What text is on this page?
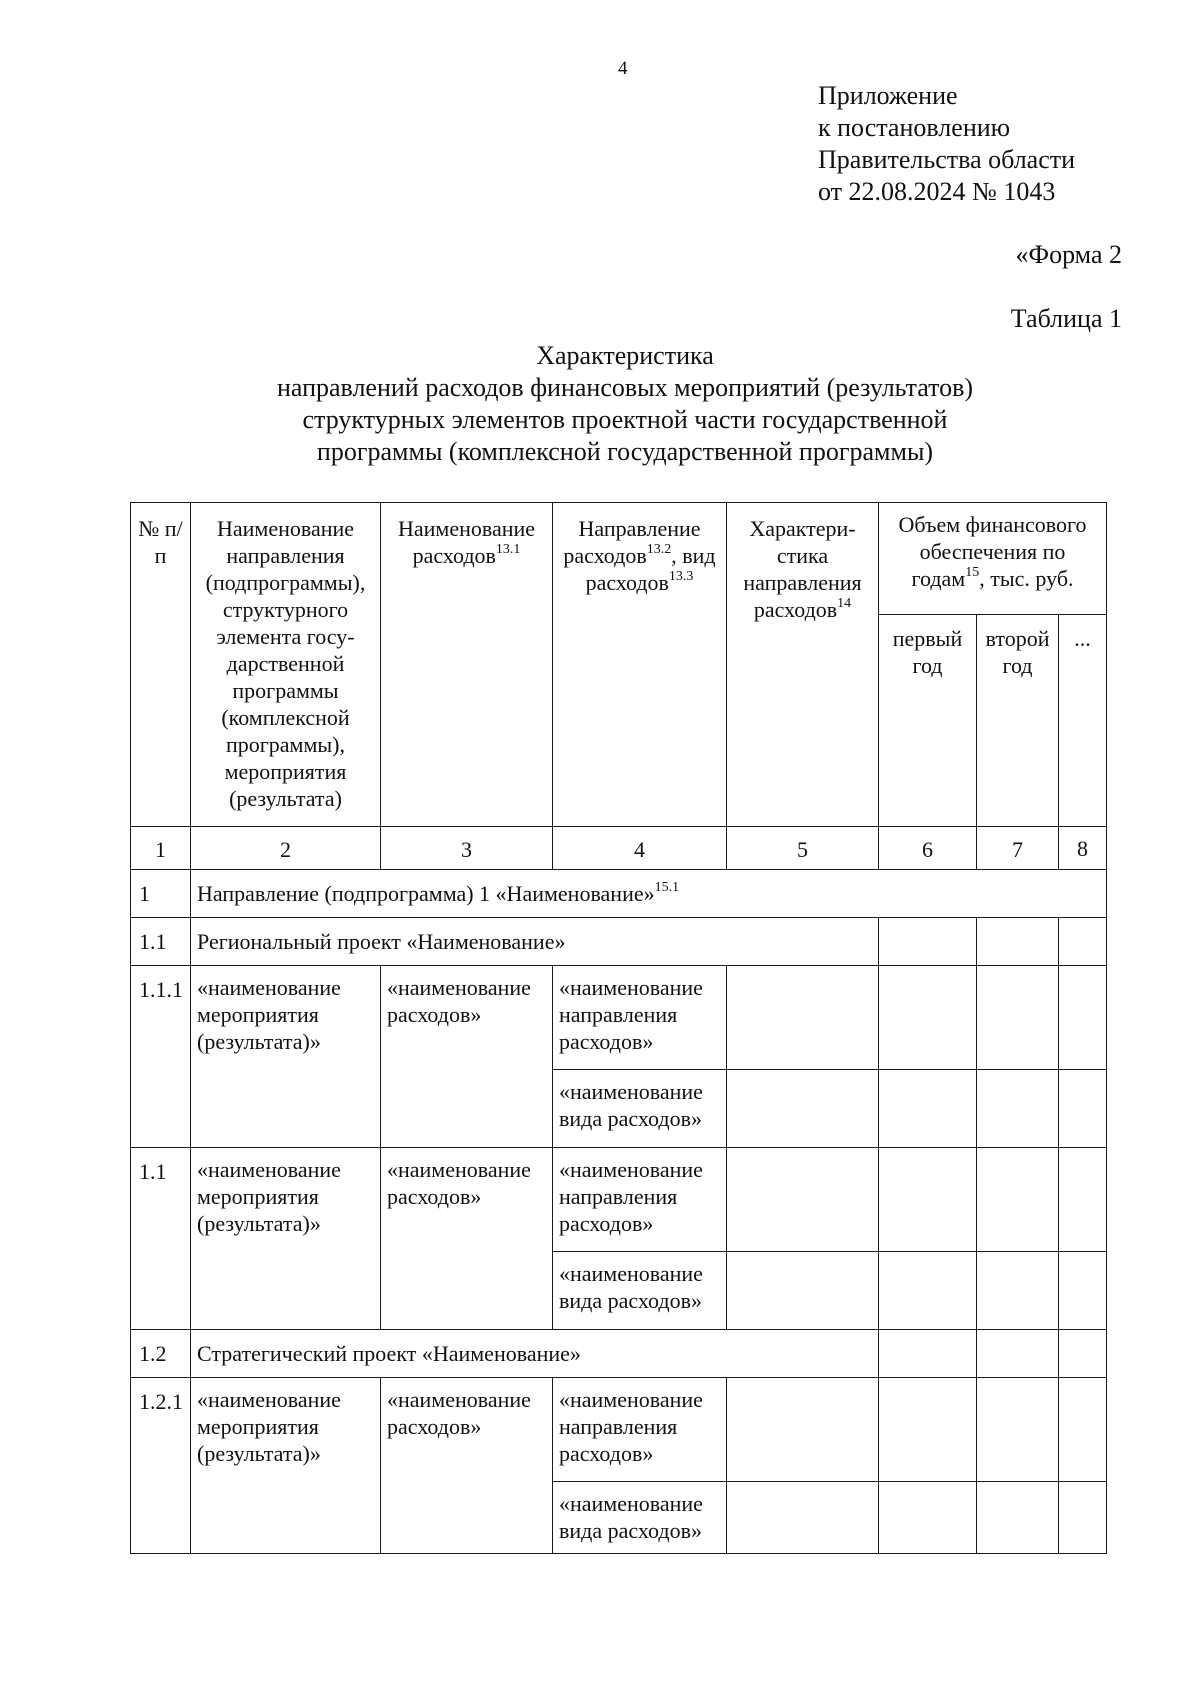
4
Приложение
к постановлению
Правительства области
от 22.08.2024 № 1043
«Форма 2
Таблица 1
Характеристика
направлений расходов финансовых мероприятий (результатов)
структурных элементов проектной части государственной
программы (комплексной государственной программы)
№ п/п	Наименование направления (подпрограммы), структурного элемента госу-дарственной программы (комплексной программы), мероприятия (результата)	Наименование расходов$^{13.1}$	Направление расходов$^{13.2}$, вид расходов$^{13.3}$	Характери-стика направления расходов$^{14}$	Объем финансового обеспечения по годам$^{15}$, тыс. руб.		
					первый год	второй год	...
1	2	3	4	5	6	7	8
1	Направление (подпрограмма) 1 «Наименование»$^{15.1}$
1.1	Региональный проект «Наименование»						
1.1.1	«наименование мероприятия (результата)»	«наименование расходов»	«наименование направления расходов»				
			«наименование вида расходов»				
1.1	«наименование мероприятия (результата)»	«наименование расходов»	«наименование направления расходов»				
			«наименование вида расходов»				
1.2	Стратегический проект «Наименование»						
1.2.1	«наименование мероприятия (результата)»	«наименование расходов»	«наименование направления расходов»				
			«наименование вида расходов»				
